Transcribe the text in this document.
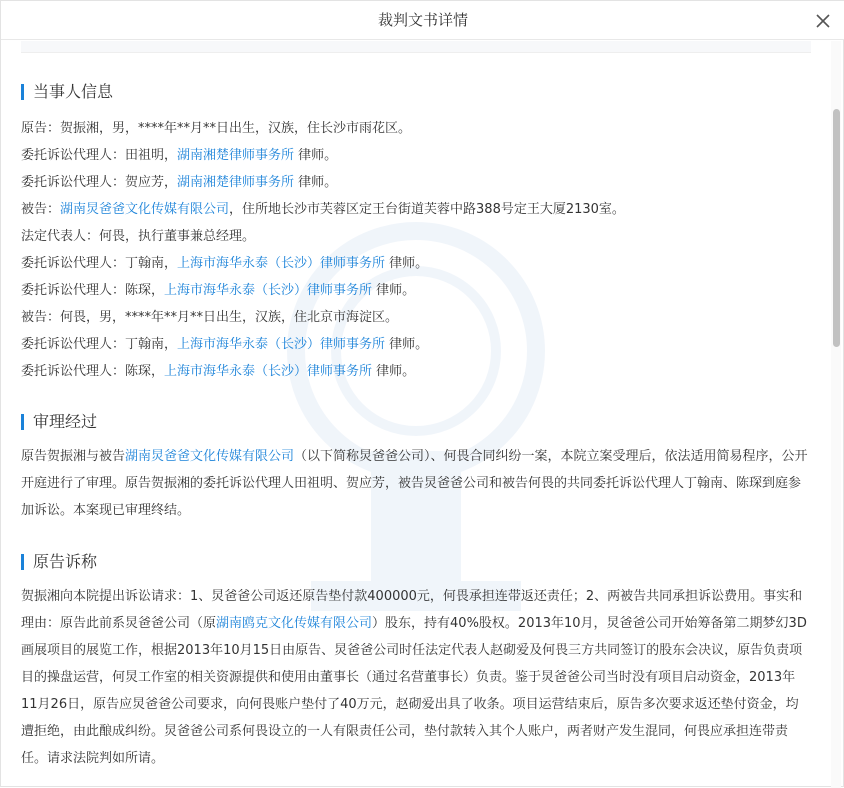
裁判文书详情
当事人信息
原告：贺振湘，男，****年**月**日出生，汉族，住长沙市雨花区。
委托诉讼代理人：田祖明，湖南湘楚律师事务所 律师。
委托诉讼代理人：贺应芳，湖南湘楚律师事务所 律师。
被告：湖南炅爸爸文化传媒有限公司，住所地长沙市芙蓉区定王台街道芙蓉中路388号定王大厦2130室。
法定代表人：何畏，执行董事兼总经理。
委托诉讼代理人：丁翰南，上海市海华永泰（长沙）律师事务所 律师。
委托诉讼代理人：陈琛，上海市海华永泰（长沙）律师事务所 律师。
被告：何畏，男，****年**月**日出生，汉族，住北京市海淀区。
委托诉讼代理人：丁翰南，上海市海华永泰（长沙）律师事务所 律师。
委托诉讼代理人：陈琛，上海市海华永泰（长沙）律师事务所 律师。
审理经过
原告贺振湘与被告湖南炅爸爸文化传媒有限公司（以下简称炅爸爸公司）、何畏合同纠纷一案，本院立案受理后，依法适用简易程序，公开开庭进行了审理。原告贺振湘的委托诉讼代理人田祖明、贺应芳，被告炅爸爸公司和被告何畏的共同委托诉讼代理人丁翰南、陈琛到庭参加诉讼。本案现已审理终结。
原告诉称
贺振湘向本院提出诉讼请求：1、炅爸爸公司返还原告垫付款400000元，何畏承担连带返还责任；2、两被告共同承担诉讼费用。事实和理由：原告此前系炅爸爸公司（原湖南鸥克文化传媒有限公司）股东，持有40%股权。2013年10月，炅爸爸公司开始筹备第二期梦幻3D画展项目的展览工作，根据2013年10月15日由原告、炅爸爸公司时任法定代表人赵砌爱及何畏三方共同签订的股东会决议，原告负责项目的操盘运营，何炅工作室的相关资源提供和使用由董事长（通过名营董事长）负责。鉴于炅爸爸公司当时没有项目启动资金，2013年11月26日，原告应炅爸爸公司要求，向何畏账户垫付了40万元，赵砌爱出具了收条。项目运营结束后，原告多次要求返还垫付资金，均遭拒绝，由此酿成纠纷。炅爸爸公司系何畏设立的一人有限责任公司，垫付款转入其个人账户，两者财产发生混同，何畏应承担连带责任。请求法院判如所请。
